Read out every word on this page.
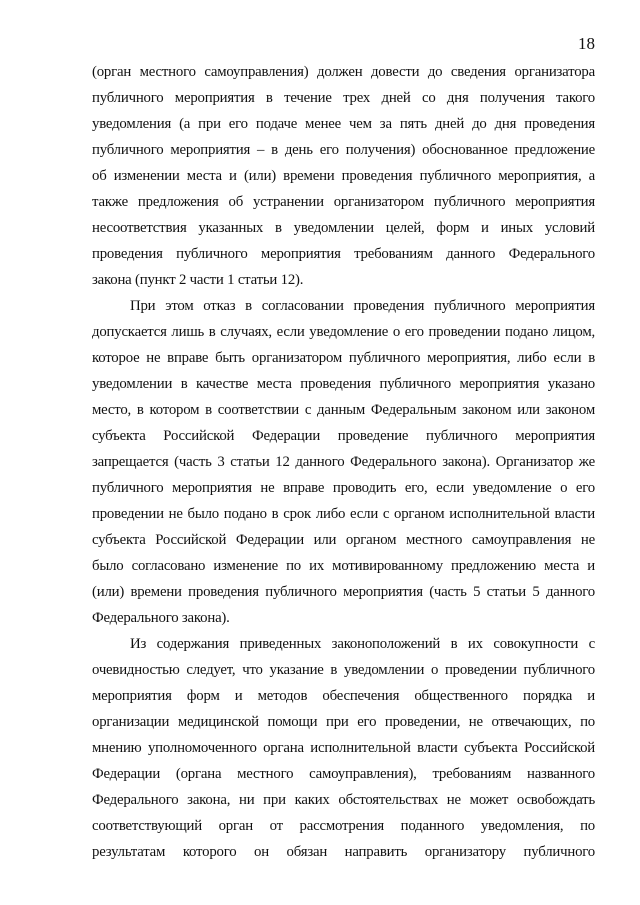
18
(орган местного самоуправления) должен довести до сведения организатора
публичного мероприятия в течение трех дней со дня получения такого
уведомления (а при его подаче менее чем за пять дней до дня проведения
публичного мероприятия – в день его получения) обоснованное предложение
об изменении места и (или) времени проведения публичного мероприятия, а
также предложения об устранении организатором публичного мероприятия
несоответствия указанных в уведомлении целей, форм и иных условий
проведения публичного мероприятия требованиям данного Федерального
закона (пункт 2 части 1 статьи 12).
При этом отказ в согласовании проведения публичного мероприятия
допускается лишь в случаях, если уведомление о его проведении подано лицом,
которое не вправе быть организатором публичного мероприятия, либо если в
уведомлении в качестве места проведения публичного мероприятия указано
место, в котором в соответствии с данным Федеральным законом или законом
субъекта Российской Федерации проведение публичного мероприятия
запрещается (часть 3 статьи 12 данного Федерального закона). Организатор же
публичного мероприятия не вправе проводить его, если уведомление о его
проведении не было подано в срок либо если с органом исполнительной власти
субъекта Российской Федерации или органом местного самоуправления не
было согласовано изменение по их мотивированному предложению места и
(или) времени проведения публичного мероприятия (часть 5 статьи 5 данного
Федерального закона).
Из содержания приведенных законоположений в их совокупности с
очевидностью следует, что указание в уведомлении о проведении публичного
мероприятия форм и методов обеспечения общественного порядка и
организации медицинской помощи при его проведении, не отвечающих, по
мнению уполномоченного органа исполнительной власти субъекта Российской
Федерации (органа местного самоуправления), требованиям названного
Федерального закона, ни при каких обстоятельствах не может освобождать
соответствующий орган от рассмотрения поданного уведомления, по
результатам которого он обязан направить организатору публичного
